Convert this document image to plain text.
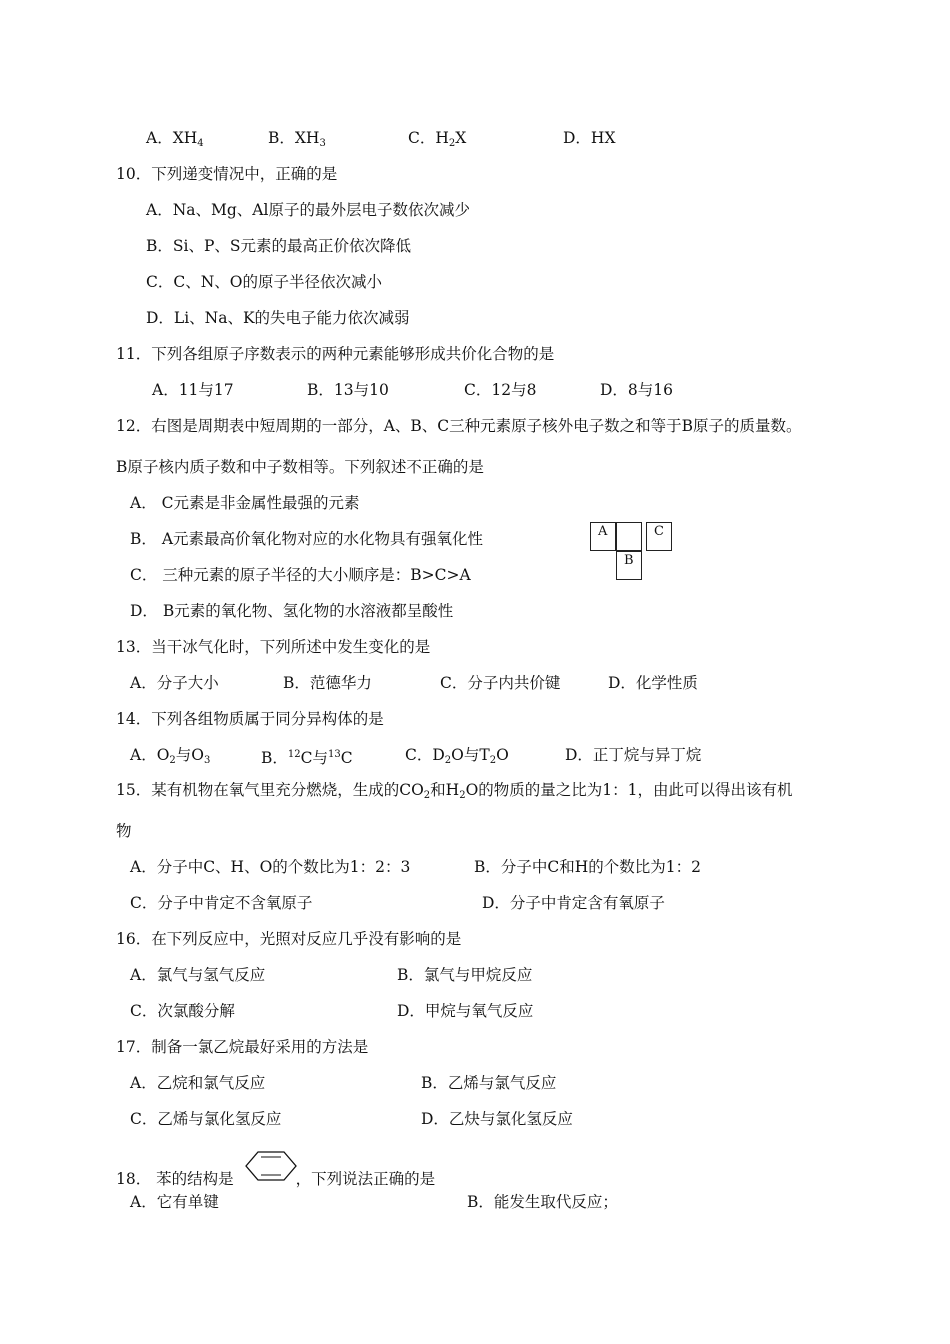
A．$XH_4$	B．$XH_3$	C．$H_2X$	D．HX
10．下列递变情况中，正确的是
A．Na、Mg、Al原子的最外层电子数依次减少
B．Si、P、S元素的最高正价依次降低
C．C、N、O的原子半径依次减小
D．Li、Na、K的失电子能力依次减弱
11．下列各组原子序数表示的两种元素能够形成共价化合物的是
A．11与17	B．13与10	C．12与8	D．8与16
12．右图是周期表中短周期的一部分，A、B、C三种元素原子核外电子数之和等于B原子的质量数。
B原子核内质子数和中子数相等。下列叙述不正确的是
A． C元素是非金属性最强的元素
B． A元素最高价氧化物对应的水化物具有强氧化性
C． 三种元素的原子半径的大小顺序是：B>C>A
D． B元素的氧化物、氢化物的水溶液都呈酸性
A	C
B
13．当干冰气化时，下列所述中发生变化的是
A．分子大小	B．范德华力	C．分子内共价键	D．化学性质
14．下列各组物质属于同分异构体的是
A．$O_2$与$O_3$	B．$^{12}$C与$^{13}$C	C．$D_2O$与$T_2O$	D．正丁烷与异丁烷
15．某有机物在氧气里充分燃烧，生成的$CO_2$和$H_2O$的物质的量之比为1：1，由此可以得出该有机
物
A．分子中C、H、O的个数比为1：2：3	B．分子中C和H的个数比为1：2
C．分子中肯定不含氧原子	D．分子中肯定含有氧原子
16．在下列反应中，光照对反应几乎没有影响的是
A．氯气与氢气反应	B．氯气与甲烷反应
C．次氯酸分解	D．甲烷与氧气反应
17．制备一氯乙烷最好采用的方法是
A．乙烷和氯气反应	B．乙烯与氯气反应
C．乙烯与氯化氢反应	D．乙炔与氯化氢反应
18． 苯的结构是	，下列说法正确的是
A．它有单键	B．能发生取代反应；
